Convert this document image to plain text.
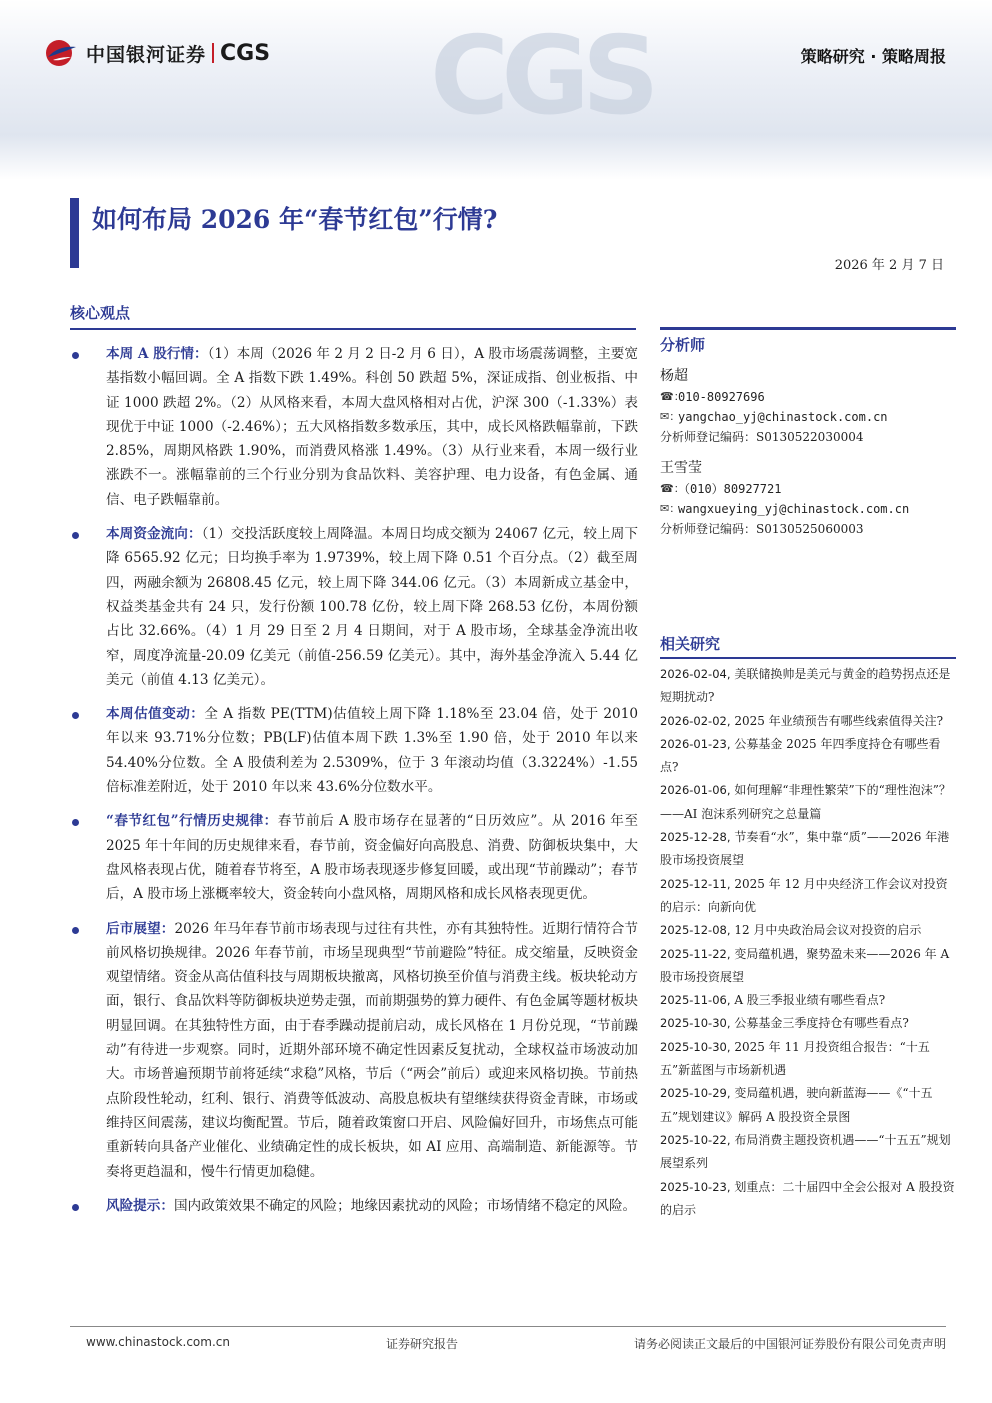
CGS
中国银河证券 CGS	策略研究 · 策略周报
如何布局 2026 年“春节红包”行情?
2026 年 2 月 7 日
核心观点
本周 A 股行情：（1）本周（2026 年 2 月 2 日-2 月 6 日），A 股市场震荡调整，主要宽基指数小幅回调。全 A 指数下跌 1.49%。科创 50 跌超 5%，深证成指、创业板指、中证 1000 跌超 2%。（2）从风格来看，本周大盘风格相对占优，沪深 300（-1.33%）表现优于中证 1000（-2.46%）；五大风格指数多数承压，其中，成长风格跌幅靠前，下跌 2.85%，周期风格跌 1.90%，而消费风格涨 1.49%。（3）从行业来看，本周一级行业涨跌不一。涨幅靠前的三个行业分别为食品饮料、美容护理、电力设备，有色金属、通信、电子跌幅靠前。
本周资金流向：（1）交投活跃度较上周降温。本周日均成交额为 24067 亿元，较上周下降 6565.92 亿元；日均换手率为 1.9739%，较上周下降 0.51 个百分点。（2）截至周四，两融余额为 26808.45 亿元，较上周下降 344.06 亿元。（3）本周新成立基金中，权益类基金共有 24 只，发行份额 100.78 亿份，较上周下降 268.53 亿份，本周份额占比 32.66%。（4）1 月 29 日至 2 月 4 日期间，对于 A 股市场，全球基金净流出收窄，周度净流量-20.09 亿美元（前值-256.59 亿美元）。其中，海外基金净流入 5.44 亿美元（前值 4.13 亿美元）。
本周估值变动：全 A 指数 PE(TTM)估值较上周下降 1.18%至 23.04 倍，处于 2010 年以来 93.71%分位数；PB(LF)估值本周下跌 1.3%至 1.90 倍，处于 2010 年以来 54.40%分位数。全 A 股债利差为 2.5309%，位于 3 年滚动均值（3.3224%）-1.55 倍标准差附近，处于 2010 年以来 43.6%分位数水平。
“春节红包”行情历史规律：春节前后 A 股市场存在显著的“日历效应”。从 2016 年至 2025 年十年间的历史规律来看，春节前，资金偏好向高股息、消费、防御板块集中，大盘风格表现占优，随着春节将至，A 股市场表现逐步修复回暖，或出现“节前躁动”；春节后，A 股市场上涨概率较大，资金转向小盘风格，周期风格和成长风格表现更优。
后市展望：2026 年马年春节前市场表现与过往有共性，亦有其独特性。近期行情符合节前风格切换规律。2026 年春节前，市场呈现典型“节前避险”特征。成交缩量，反映资金观望情绪。资金从高估值科技与周期板块撤离，风格切换至价值与消费主线。板块轮动方面，银行、食品饮料等防御板块逆势走强，而前期强势的算力硬件、有色金属等题材板块明显回调。在其独特性方面，由于春季躁动提前启动，成长风格在 1 月份兑现，“节前躁动”有待进一步观察。同时，近期外部环境不确定性因素反复扰动，全球权益市场波动加大。市场普遍预期节前将延续“求稳”风格，节后（“两会”前后）或迎来风格切换。节前热点阶段性轮动，红利、银行、消费等低波动、高股息板块有望继续获得资金青睐，市场或维持区间震荡，建议均衡配置。节后，随着政策窗口开启、风险偏好回升，市场焦点可能重新转向具备产业催化、业绩确定性的成长板块，如 AI 应用、高端制造、新能源等。节奏将更趋温和，慢牛行情更加稳健。
风险提示：国内政策效果不确定的风险；地缘因素扰动的风险；市场情绪不稳定的风险。
分析师
杨超
☎：
010-80927696
✉：
yangchao_yj@chinastock.com.cn
分析师登记编码： S0130522030004
王雪莹
☎：
（010）80927721
✉：
wangxueying_yj@chinastock.com.cn
分析师登记编码： S0130525060003
相关研究
2026-02-04, 美联储换帅是美元与黄金的趋势拐点还是短期扰动?
2026-02-02, 2025 年业绩预告有哪些线索值得关注?
2026-01-23, 公募基金 2025 年四季度持仓有哪些看点?
2026-01-06, 如何理解“非理性繁荣”下的“理性泡沫”？——AI 泡沫系列研究之总量篇
2025-12-28, 节奏看“水”，集中靠“质”——2026 年港股市场投资展望
2025-12-11, 2025 年 12 月中央经济工作会议对投资的启示：向新向优
2025-12-08, 12 月中央政治局会议对投资的启示
2025-11-22, 变局蕴机遇，聚势盈未来——2026 年 A 股市场投资展望
2025-11-06, A 股三季报业绩有哪些看点?
2025-10-30, 公募基金三季度持仓有哪些看点?
2025-10-30, 2025 年 11 月投资组合报告：“十五五”新蓝图与市场新机遇
2025-10-29, 变局蕴机遇，驶向新蓝海——《“十五五”规划建议》解码 A 股投资全景图
2025-10-22, 布局消费主题投资机遇——“十五五”规划展望系列
2025-10-23, 划重点：二十届四中全会公报对 A 股投资的启示
www.chinastock.com.cn	证券研究报告	请务必阅读正文最后的中国银河证券股份有限公司免责声明
